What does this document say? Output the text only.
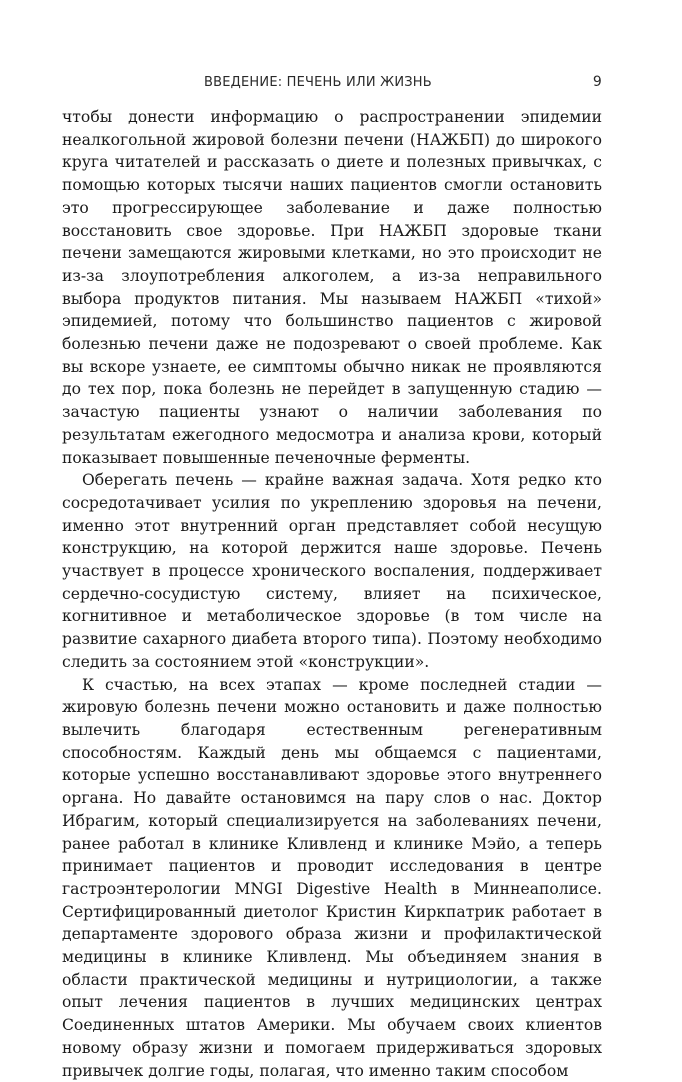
ВВЕДЕНИЕ: ПЕЧЕНЬ ИЛИ ЖИЗНЬ	9

чтобы донести информацию о распространении эпидемии неалкогольной жировой болезни печени (НАЖБП) до широкого круга читателей и рассказать о диете и полезных привычках, с помощью которых тысячи наших пациентов смогли остановить это прогрессирующее заболевание и даже полностью восстановить свое здоровье. При НАЖБП здоровые ткани печени замещаются жировыми клетками, но это происходит не из-за злоупотребления алкоголем, а из-за неправильного выбора продуктов питания. Мы называем НАЖБП «тихой» эпидемией, потому что большинство пациентов с жировой болезнью печени даже не подозревают о своей проблеме. Как вы вскоре узнаете, ее симптомы обычно никак не проявляются до тех пор, пока болезнь не перейдет в запущенную стадию — зачастую пациенты узнают о наличии заболевания по результатам ежегодного медосмотра и анализа крови, который показывает повышенные печеночные ферменты.

Оберегать печень — крайне важная задача. Хотя редко кто сосредотачивает усилия по укреплению здоровья на печени, именно этот внутренний орган представляет собой несущую конструкцию, на которой держится наше здоровье. Печень участвует в процессе хронического воспаления, поддерживает сердечно-сосудистую систему, влияет на психическое, когнитивное и метаболическое здоровье (в том числе на развитие сахарного диабета второго типа). Поэтому необходимо следить за состоянием этой «конструкции».

К счастью, на всех этапах — кроме последней стадии — жировую болезнь печени можно остановить и даже полностью вылечить благодаря естественным регенеративным способностям. Каждый день мы общаемся с пациентами, которые успешно восстанавливают здоровье этого внутреннего органа. Но давайте остановимся на пару слов о нас. Доктор Ибрагим, который специализируется на заболеваниях печени, ранее работал в клинике Кливленд и клинике Мэйо, а теперь принимает пациентов и проводит исследования в центре гастроэнтерологии MNGI Digestive Health в Миннеаполисе. Сертифицированный диетолог Кристин Киркпатрик работает в департаменте здорового образа жизни и профилактической медицины в клинике Кливленд. Мы объединяем знания в области практической медицины и нутрициологии, а также опыт лечения пациентов в лучших медицинских центрах Соединенных штатов Америки. Мы обучаем своих клиентов новому образу жизни и помогаем придерживаться здоровых привычек долгие годы, полагая, что именно таким способом
